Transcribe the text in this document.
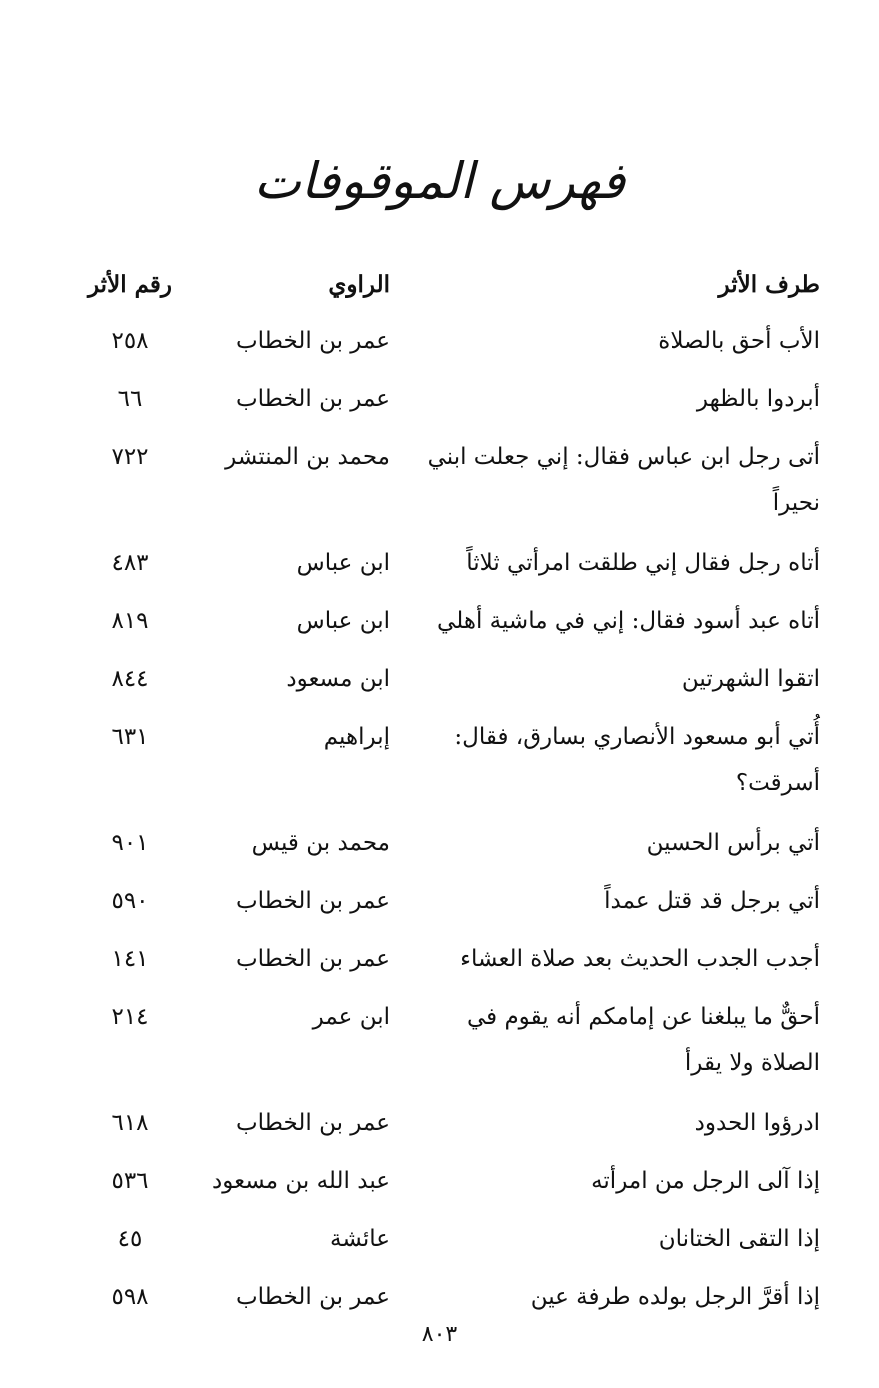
فهرس الموقوفات
طرف الأثر
الراوي
رقم الأثر
الأب أحق بالصلاة
عمر بن الخطاب
٢٥٨
أبردوا بالظهر
عمر بن الخطاب
٦٦
أتى رجل ابن عباس فقال: إني جعلت ابني نحيراً
محمد بن المنتشر
٧٢٢
أتاه رجل فقال إني طلقت امرأتي ثلاثاً
ابن عباس
٤٨٣
أتاه عبد أسود فقال: إني في ماشية أهلي
ابن عباس
٨١٩
اتقوا الشهرتين
ابن مسعود
٨٤٤
أُتي أبو مسعود الأنصاري بسارق، فقال: أسرقت؟
إبراهيم
٦٣١
أتي برأس الحسين
محمد بن قيس
٩٠١
أتي برجل قد قتل عمداً
عمر بن الخطاب
٥٩٠
أجدب الجدب الحديث بعد صلاة العشاء
عمر بن الخطاب
١٤١
أحقٌّ ما يبلغنا عن إمامكم أنه يقوم في الصلاة ولا يقرأ
ابن عمر
٢١٤
ادرؤوا الحدود
عمر بن الخطاب
٦١٨
إذا آلى الرجل من امرأته
عبد الله بن مسعود
٥٣٦
إذا التقى الختانان
عائشة
٤٥
إذا أقرَّ الرجل بولده طرفة عين
عمر بن الخطاب
٥٩٨
٨٠٣
